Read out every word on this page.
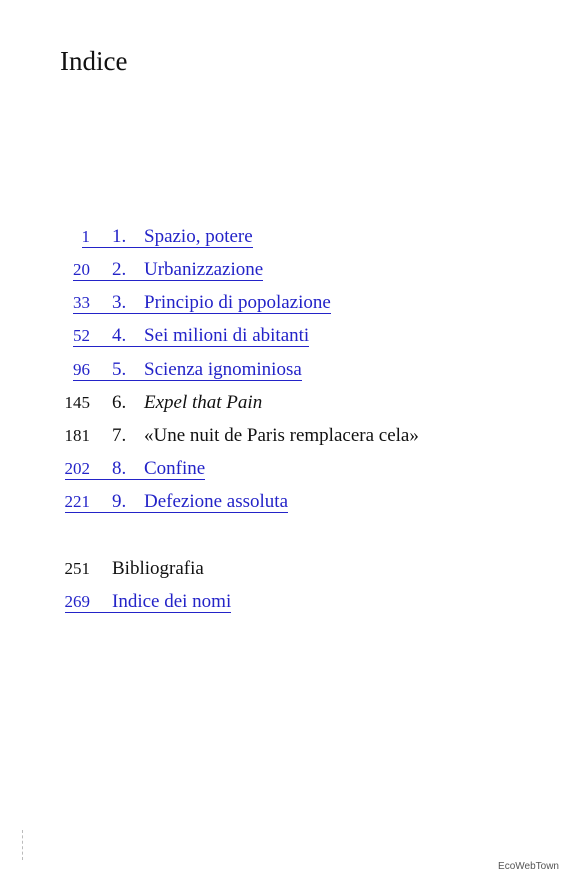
Indice
1 1. Spazio, potere
20 2. Urbanizzazione
33 3. Principio di popolazione
52 4. Sei milioni di abitanti
96 5. Scienza ignominiosa
145 6. Expel that Pain
181 7. «Une nuit de Paris remplacera cela»
202 8. Confine
221 9. Defezione assoluta
251 Bibliografia
269 Indice dei nomi
EcoWebTown
